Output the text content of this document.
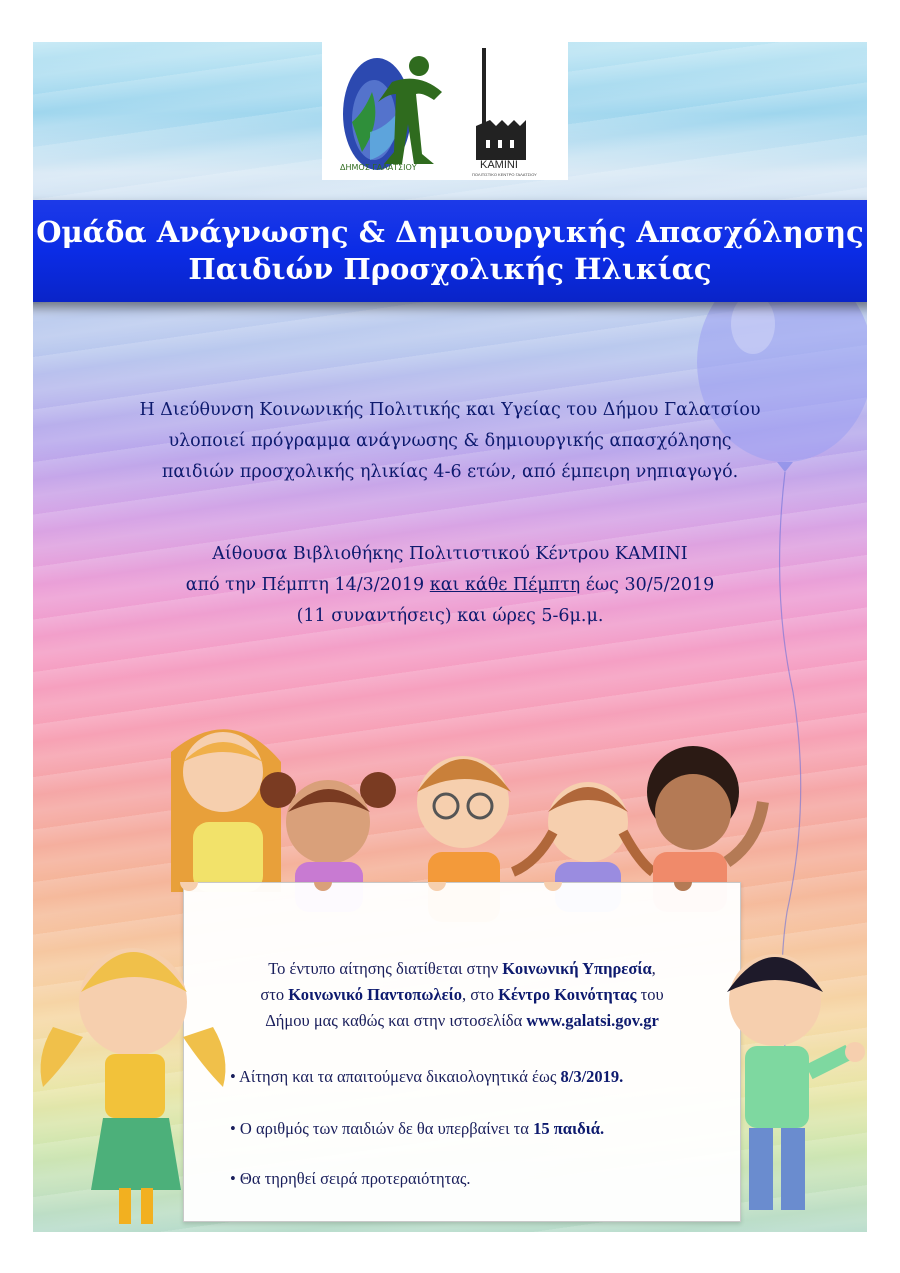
ΔΗΜΟΣ ΓΑΛΑΤΣΙΟΥ	ΚΑΜΙΝΙ
ΠΟΛΙΤΙΣΤΙΚΟ ΚΕΝΤΡΟ ΓΑΛΑΤΣΙΟΥ
Ομάδα Ανάγνωσης & Δημιουργικής Απασχόλησης
Παιδιών Προσχολικής Ηλικίας
Η Διεύθυνση Κοινωνικής Πολιτικής και Υγείας του Δήμου Γαλατσίου
υλοποιεί πρόγραμμα ανάγνωσης & δημιουργικής απασχόλησης
παιδιών προσχολικής ηλικίας 4-6 ετών, από έμπειρη νηπιαγωγό.
Αίθουσα Βιβλιοθήκης Πολιτιστικού Κέντρου ΚΑΜΙΝΙ
από την Πέμπτη 14/3/2019 και κάθε Πέμπτη έως 30/5/2019
(11 συναντήσεις) και ώρες 5-6μ.μ.
Το έντυπο αίτησης διατίθεται στην Κοινωνική Υπηρεσία,
στο Κοινωνικό Παντοπωλείο, στο Κέντρο Κοινότητας του
Δήμου μας καθώς και στην ιστοσελίδα www.galatsi.gov.gr
• Αίτηση και τα απαιτούμενα δικαιολογητικά έως 8/3/2019.
• Ο αριθμός των παιδιών δε θα υπερβαίνει τα 15 παιδιά.
• Θα τηρηθεί σειρά προτεραιότητας.
